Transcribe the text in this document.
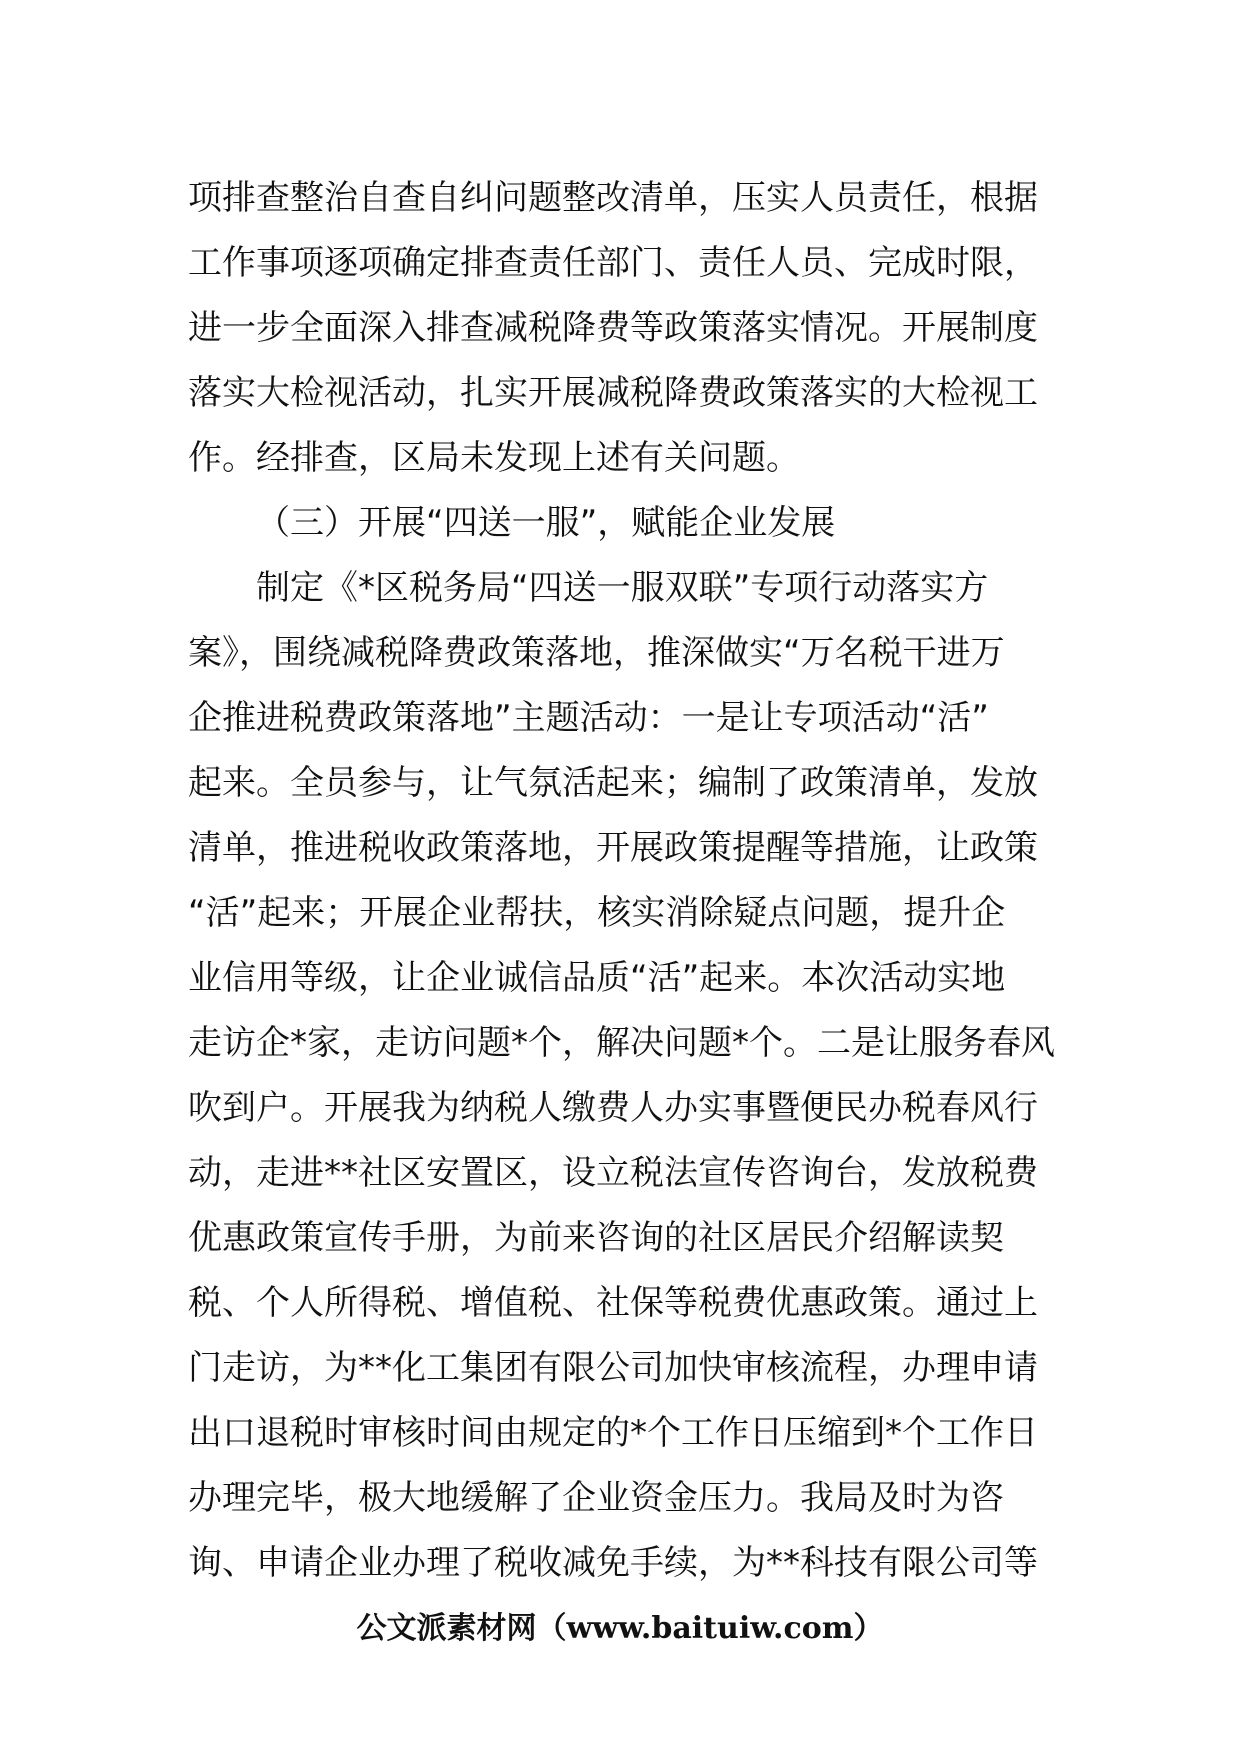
项排查整治自查自纠问题整改清单，压实人员责任，根据
工作事项逐项确定排查责任部门、责任人员、完成时限，
进一步全面深入排查减税降费等政策落实情况。开展制度
落实大检视活动，扎实开展减税降费政策落实的大检视工
作。经排查，区局未发现上述有关问题。
（三）开展“四送一服”，赋能企业发展
制定《*区税务局“四送一服双联”专项行动落实方
案》，围绕减税降费政策落地，推深做实“万名税干进万
企推进税费政策落地”主题活动：一是让专项活动“活”
起来。全员参与，让气氛活起来；编制了政策清单，发放
清单，推进税收政策落地，开展政策提醒等措施，让政策
“活”起来；开展企业帮扶，核实消除疑点问题，提升企
业信用等级，让企业诚信品质“活”起来。本次活动实地
走访企*家，走访问题*个，解决问题*个。二是让服务春风
吹到户。开展我为纳税人缴费人办实事暨便民办税春风行
动，走进**社区安置区，设立税法宣传咨询台，发放税费
优惠政策宣传手册，为前来咨询的社区居民介绍解读契
税、个人所得税、增值税、社保等税费优惠政策。通过上
门走访，为**化工集团有限公司加快审核流程，办理申请
出口退税时审核时间由规定的*个工作日压缩到*个工作日
办理完毕，极大地缓解了企业资金压力。我局及时为咨
询、申请企业办理了税收减免手续，为**科技有限公司等
公文派素材网（www.baituiw.com）
